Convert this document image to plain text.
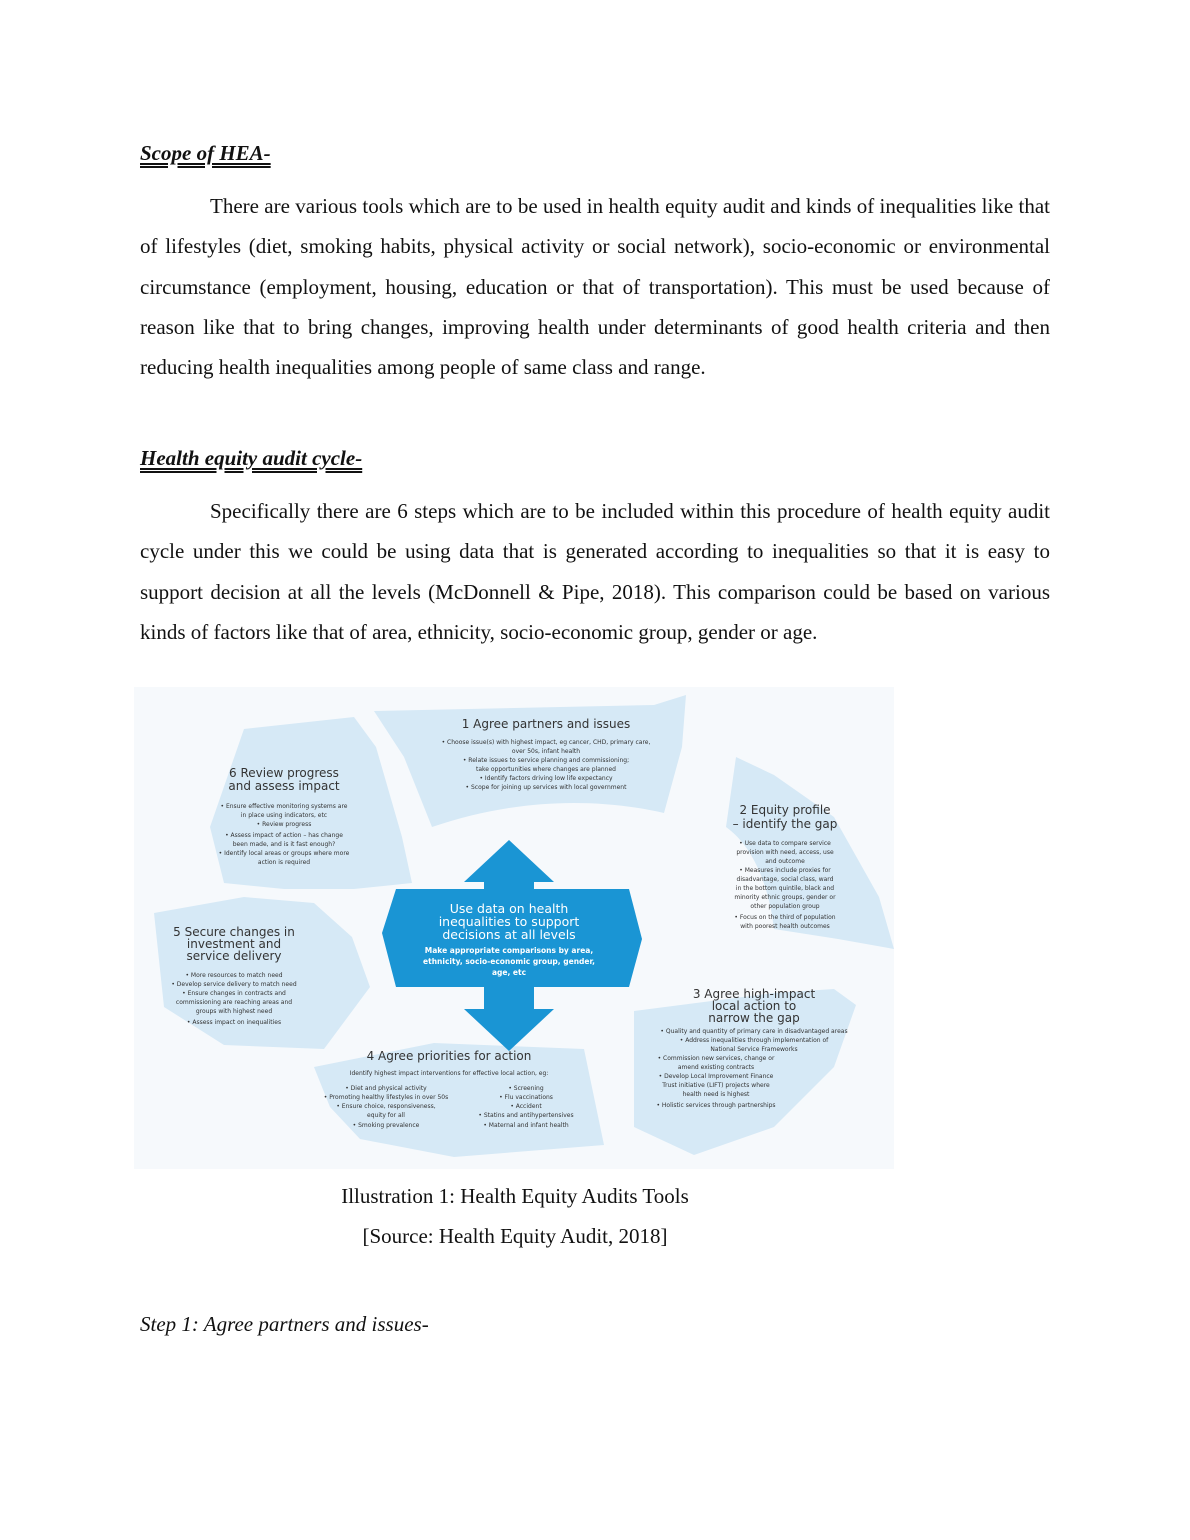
Scope of HEA-

There are various tools which are to be used in health equity audit and kinds of inequalities like that of lifestyles (diet, smoking habits, physical activity or social network), socio-economic or environmental circumstance (employment, housing, education or that of transportation). This must be used because of reason like that to bring changes, improving health under determinants of good health criteria and then reducing health inequalities among people of same class and range.

Health equity audit cycle-

Specifically there are 6 steps which are to be included within this procedure of health equity audit cycle under this we could be using data that is generated according to inequalities so that it is easy to support decision at all the levels (McDonnell & Pipe, 2018). This comparison could be based on various kinds of factors like that of area, ethnicity, socio-economic group, gender or age.

Use data on health
inequalities to support
decisions at all levels
Make appropriate comparisons by area,
ethnicity, socio-economic group, gender,
age, etc
1 Agree partners and issues
• Choose issue(s) with highest impact, eg cancer, CHD, primary care,
over 50s, infant health
• Relate issues to service planning and commissioning;
take opportunities where changes are planned
• Identify factors driving low life expectancy
• Scope for joining up services with local government
2 Equity profile
– identify the gap
• Use data to compare service
provision with need, access, use
and outcome
• Measures include proxies for
disadvantage, social class, ward
in the bottom quintile, black and
minority ethnic groups, gender or
other population group
• Focus on the third of population
with poorest health outcomes
3 Agree high-impact
local action to
narrow the gap
• Quality and quantity of primary care in disadvantaged areas
• Address inequalities through implementation of
National Service Frameworks
• Commission new services, change or
amend existing contracts
• Develop Local Improvement Finance
Trust initiative (LIFT) projects where
health need is highest
• Holistic services through partnerships
4 Agree priorities for action
Identify highest impact interventions for effective local action, eg:
• Diet and physical activity
• Promoting healthy lifestyles in over 50s
• Ensure choice, responsiveness,
equity for all
• Smoking prevalence
• Screening
• Flu vaccinations
• Accident
• Statins and antihypertensives
• Maternal and infant health
5 Secure changes in
investment and
service delivery
• More resources to match need
• Develop service delivery to match need
• Ensure changes in contracts and
commissioning are reaching areas and
groups with highest need
• Assess impact on inequalities
6 Review progress
and assess impact
• Ensure effective monitoring systems are
in place using indicators, etc
• Review progress
• Assess impact of action – has change
been made, and is it fast enough?
• Identify local areas or groups where more
action is required
Illustration 1: Health Equity Audits Tools
[Source: Health Equity Audit, 2018]
Step 1: Agree partners and issues-
